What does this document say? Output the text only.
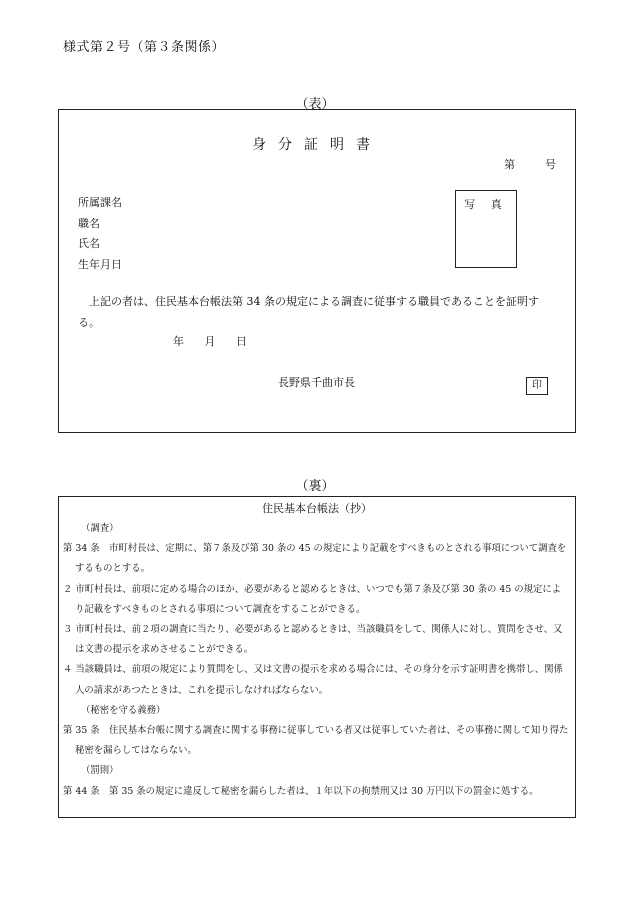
様式第２号（第３条関係）
（表）
身分証明書
第	号
所属課名
職名
氏名
生年月日
写 真
上記の者は、住民基本台帳法第 34 条の規定による調査に従事する職員であることを証明する。
年 月 日
長野県千曲市長	印
（裏）
住民基本台帳法（抄）
（調査）
第 34 条　市町村長は、定期に、第７条及び第 30 条の 45 の規定により記載をすべきものとされる事項について調査をするものとする。
２ 市町村長は、前項に定める場合のほか、必要があると認めるときは、いつでも第７条及び第 30 条の 45 の規定により記載をすべきものとされる事項について調査をすることができる。
３ 市町村長は、前２項の調査に当たり、必要があると認めるときは、当該職員をして、関係人に対し、質問をさせ、又は文書の提示を求めさせることができる。
４ 当該職員は、前項の規定により質問をし、又は文書の提示を求める場合には、その身分を示す証明書を携帯し、関係人の請求があつたときは、これを提示しなければならない。
（秘密を守る義務）
第 35 条　住民基本台帳に関する調査に関する事務に従事している者又は従事していた者は、その事務に関して知り得た秘密を漏らしてはならない。
（罰則）
第 44 条　第 35 条の規定に違反して秘密を漏らした者は、１年以下の拘禁刑又は 30 万円以下の罰金に処する。
